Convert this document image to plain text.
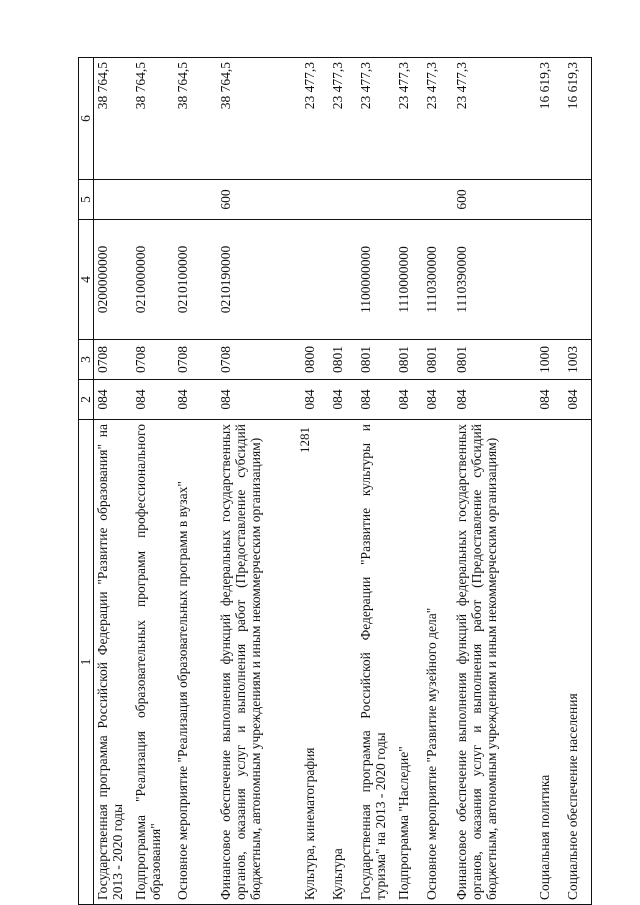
1281
1	2	3	4	5	6
Государственная программа Российской Федерации "Развитие образования" на 2013 - 2020 годы	084	0708	0200000000		38 764,5
Подпрограмма "Реализация образовательных программ профессионального образования"	084	0708	0210000000		38 764,5
Основное мероприятие "Реализация образовательных программ в вузах"	084	0708	0210100000		38 764,5
Финансовое обеспечение выполнения функций федеральных государственных органов, оказания услуг и выполнения работ (Предоставление субсидий бюджетным, автономным учреждениям и иным некоммерческим организациям)	084	0708	0210190000	600	38 764,5
Культура, кинематография	084	0800			23 477,3
Культура	084	0801			23 477,3
Государственная программа Российской Федерации "Развитие культуры и туризма" на 2013 - 2020 годы	084	0801	1100000000		23 477,3
Подпрограмма "Наследие"	084	0801	1110000000		23 477,3
Основное мероприятие "Развитие музейного дела"	084	0801	1110300000		23 477,3
Финансовое обеспечение выполнения функций федеральных государственных органов, оказания услуг и выполнения работ (Предоставление субсидий бюджетным, автономным учреждениям и иным некоммерческим организациям)	084	0801	1110390000	600	23 477,3
Социальная политика	084	1000			16 619,3
Социальное обеспечение населения	084	1003			16 619,3
